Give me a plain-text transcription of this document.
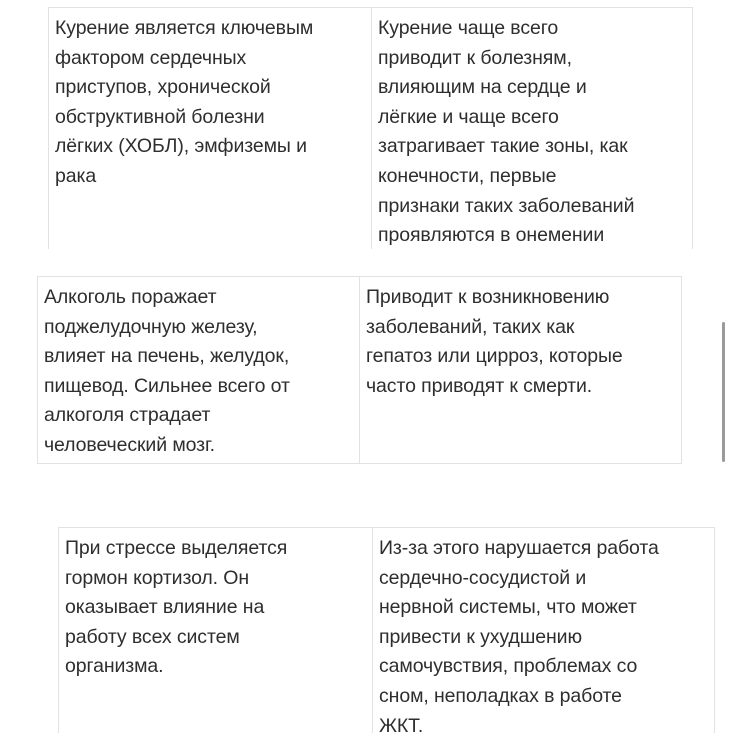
Курение является ключевым
фактором сердечных
приступов, хронической
обструктивной болезни
лёгких (ХОБЛ), эмфиземы и
рака
Курение чаще всего
приводит к болезням,
влияющим на сердце и
лёгкие и чаще всего
затрагивает такие зоны, как
конечности, первые
признаки таких заболеваний
проявляются в онемении
Алкоголь поражает
поджелудочную железу,
влияет на печень, желудок,
пищевод. Сильнее всего от
алкоголя страдает
человеческий мозг.
Приводит к возникновению
заболеваний, таких как
гепатоз или цирроз, которые
часто приводят к смерти.
При стрессе выделяется
гормон кортизол. Он
оказывает влияние на
работу всех систем
организма.
Из-за этого нарушается работа
сердечно-сосудистой и
нервной системы, что может
привести к ухудшению
самочувствия, проблемах со
сном, неполадках в работе
ЖКТ.
